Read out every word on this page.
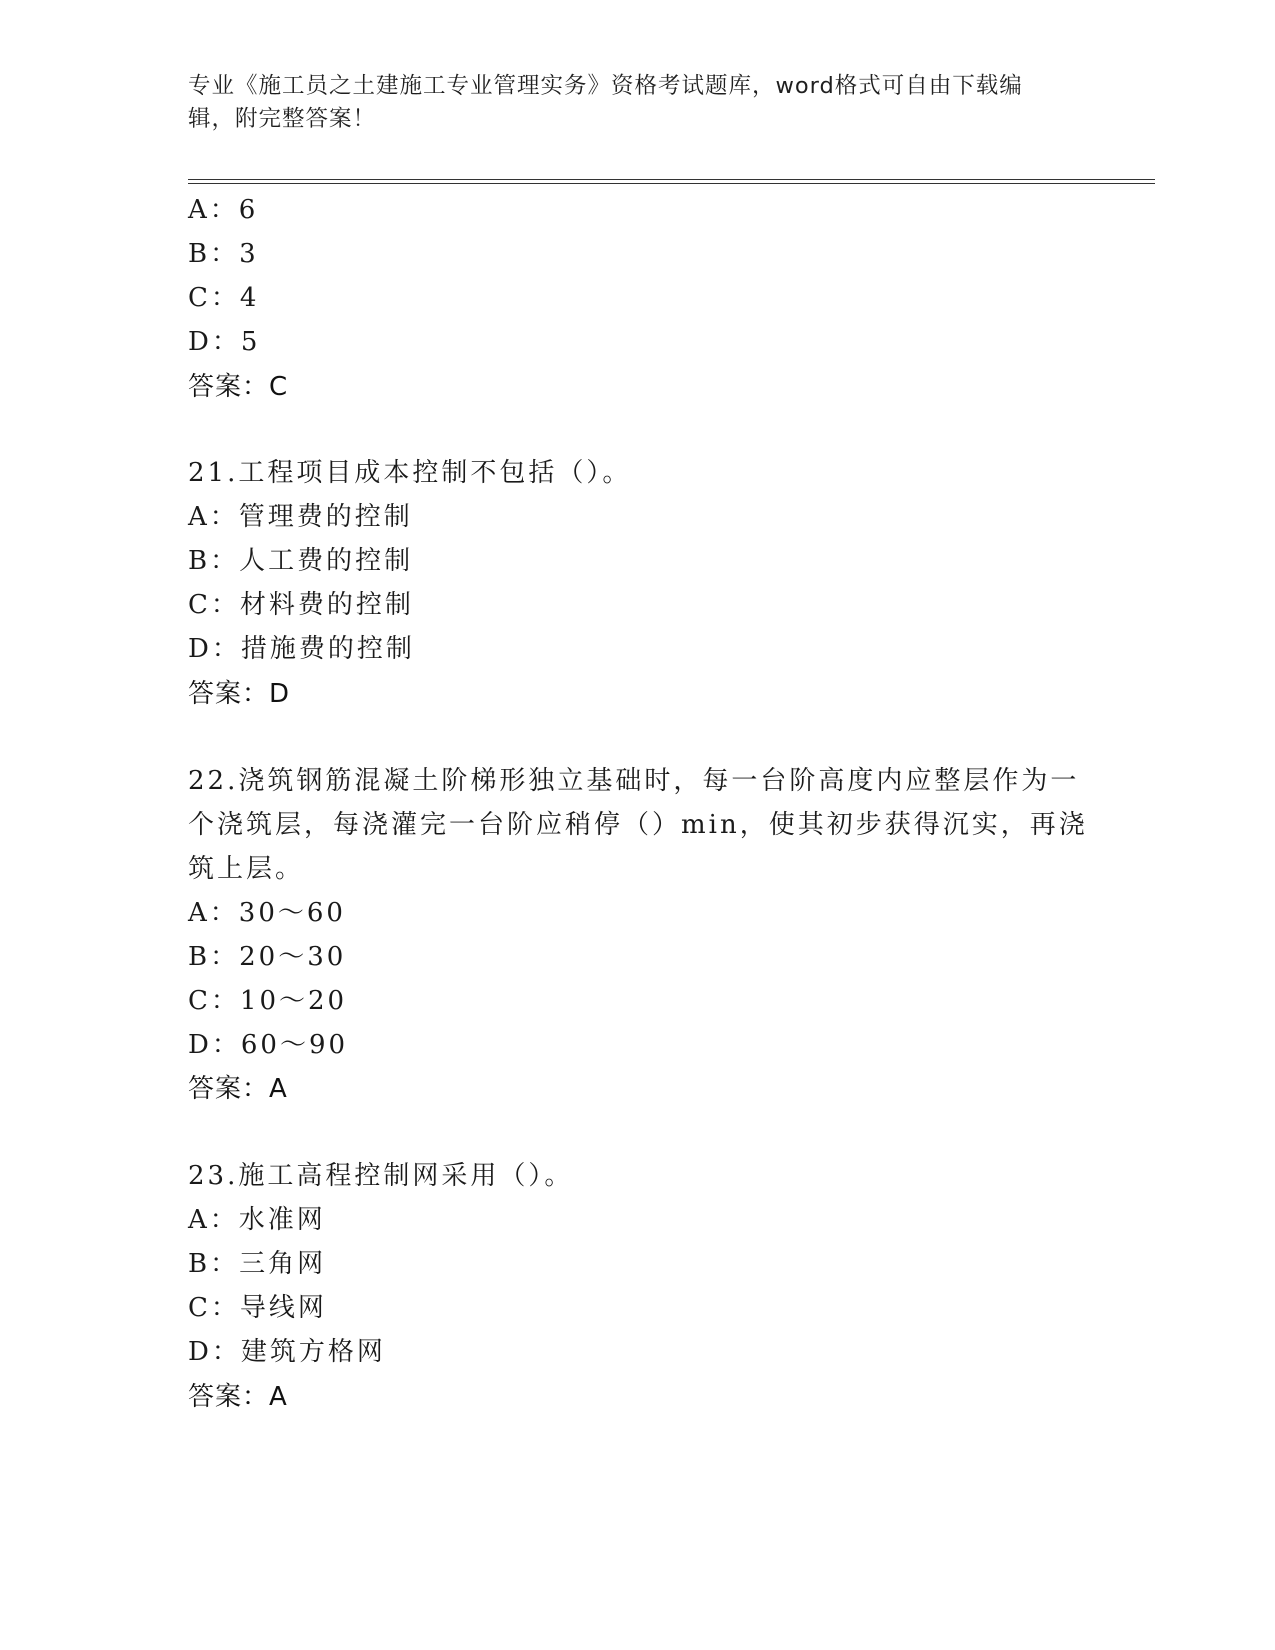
专业《施工员之土建施工专业管理实务》资格考试题库，word格式可自由下载编
辑，附完整答案！
A：6
B：3
C：4
D：5
答案：C
21.工程项目成本控制不包括（）。
A：管理费的控制
B：人工费的控制
C：材料费的控制
D：措施费的控制
答案：D
22.浇筑钢筋混凝土阶梯形独立基础时，每一台阶高度内应整层作为一
个浇筑层，每浇灌完一台阶应稍停（）min，使其初步获得沉实，再浇
筑上层。
A：30～60
B：20～30
C：10～20
D：60～90
答案：A
23.施工高程控制网采用（）。
A：水准网
B：三角网
C：导线网
D：建筑方格网
答案：A
